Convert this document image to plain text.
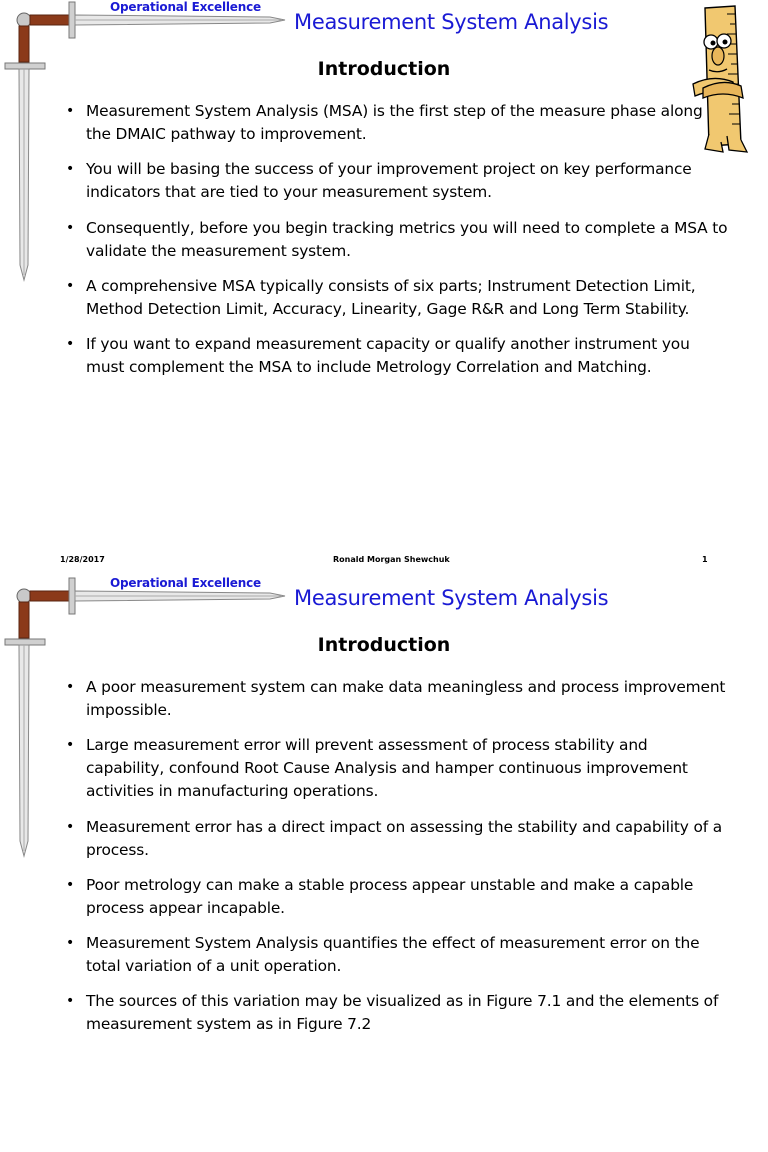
Operational Excellence
Measurement System Analysis
Introduction
• Measurement System Analysis (MSA) is the first step of the measure phase along the DMAIC pathway to improvement.
• You will be basing the success of your improvement project on key performance indicators that are tied to your measurement system.
• Consequently, before you begin tracking metrics you will need to complete a MSA to validate the measurement system.
• A comprehensive MSA typically consists of six parts; Instrument Detection Limit, Method Detection Limit, Accuracy, Linearity, Gage R&R and Long Term Stability.
• If you want to expand measurement capacity or qualify another instrument you must complement the MSA to include Metrology Correlation and Matching.
1/28/2017	Ronald Morgan Shewchuk	1
Operational Excellence
Measurement System Analysis
Introduction
• A poor measurement system can make data meaningless and process improvement impossible.
• Large measurement error will prevent assessment of process stability and capability, confound Root Cause Analysis and hamper continuous improvement activities in manufacturing operations.
• Measurement error has a direct impact on assessing the stability and capability of a process.
• Poor metrology can make a stable process appear unstable and make a capable process appear incapable.
• Measurement System Analysis quantifies the effect of measurement error on the total variation of a unit operation.
• The sources of this variation may be visualized as in Figure 7.1 and the elements of measurement system as in Figure 7.2
